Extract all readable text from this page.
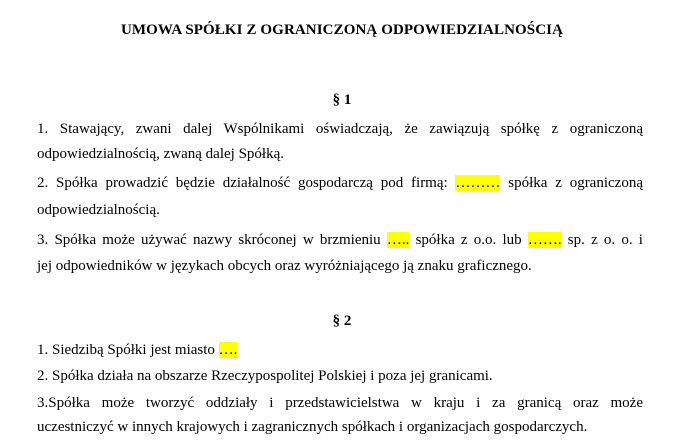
UMOWA SPÓŁKI Z OGRANICZONĄ ODPOWIEDZIALNOŚCIĄ
§ 1
1. Stawający, zwani dalej Wspólnikami oświadczają, że zawiązują spółkę z ograniczoną
odpowiedzialnością, zwaną dalej Spółką.
2. Spółka prowadzić będzie działalność gospodarczą pod firmą: ……… spółka z ograniczoną
odpowiedzialnością.
3. Spółka może używać nazwy skróconej w brzmieniu ….. spółka z o.o. lub ……. sp. z o. o. i
jej odpowiedników w językach obcych oraz wyróżniającego ją znaku graficznego.
§ 2
1. Siedzibą Spółki jest miasto ….
2. Spółka działa na obszarze Rzeczypospolitej Polskiej i poza jej granicami.
3.Spółka może tworzyć oddziały i przedstawicielstwa w kraju i za granicą oraz może
uczestniczyć w innych krajowych i zagranicznych spółkach i organizacjach gospodarczych.
